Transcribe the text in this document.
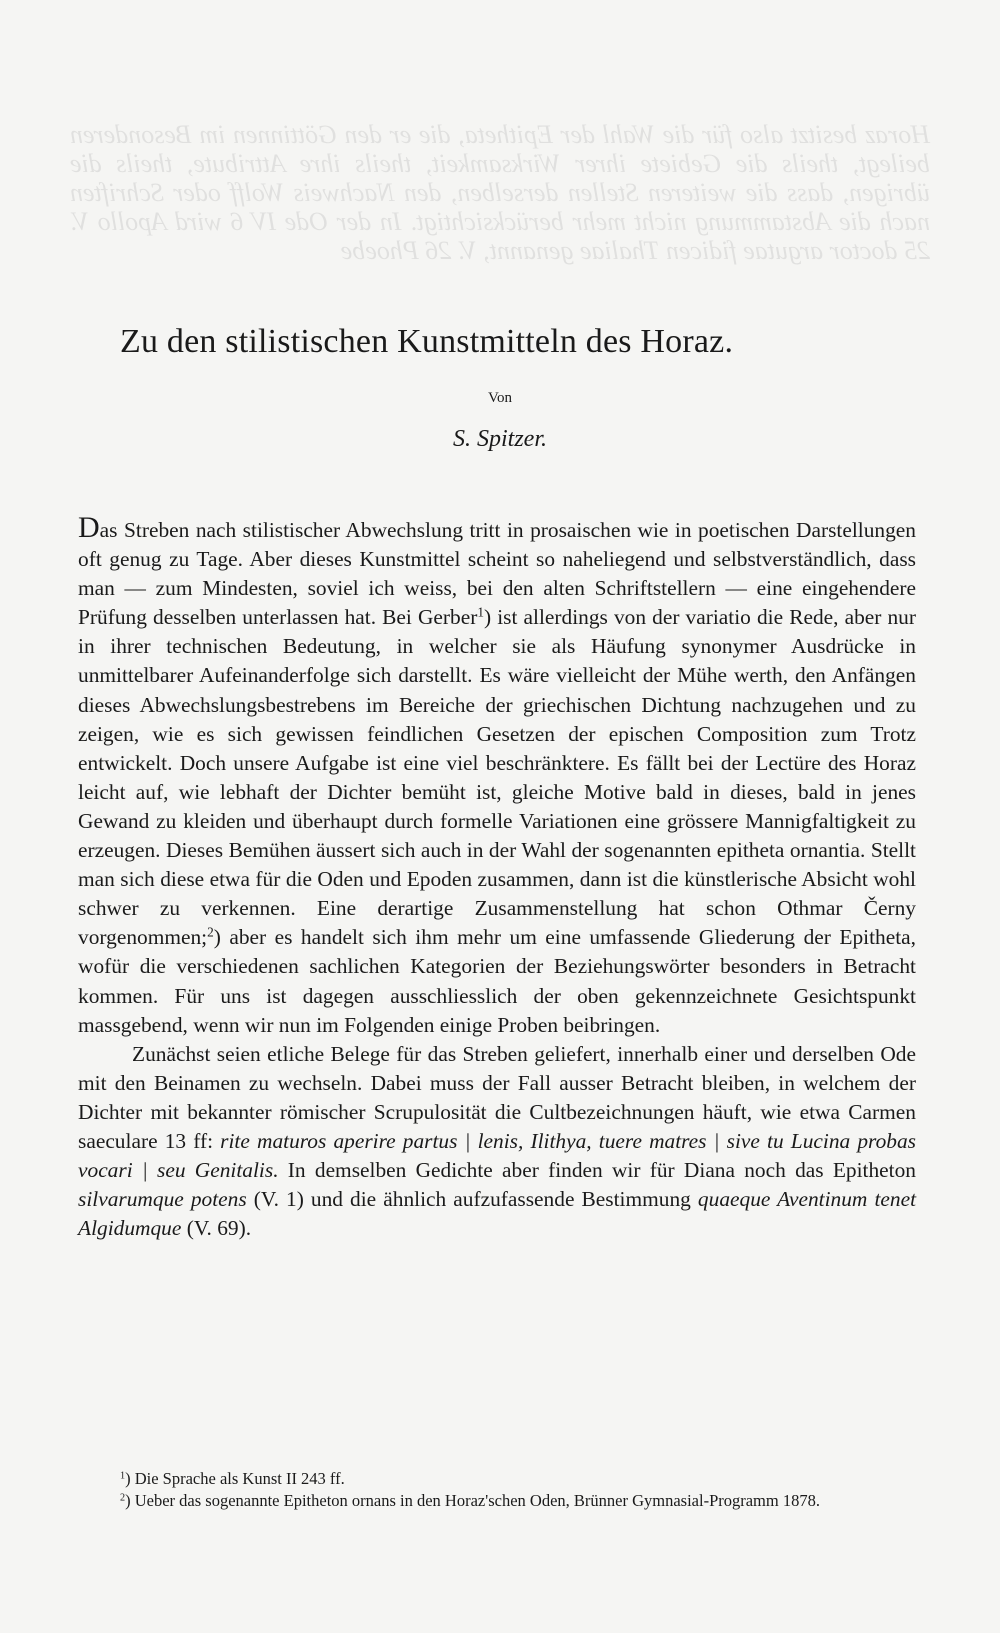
Horaz besitzt also für die Wahl der Epitheta, die er den Göttinnen im Besonderen beilegt, theils die Gebiete ihrer Wirksamkeit, theils ihre Attribute, theils die übrigen, dass die weiteren Stellen derselben, den Nachweis Wolff oder Schriften nach die Abstammung nicht mehr berücksichtigt. In der Ode IV 6 wird Apollo V. 25 doctor argutae fidicen Thaliae genannt, V. 26 Phoebe
Zu den stilistischen Kunstmitteln des Horaz.
Von
S. Spitzer.

Das Streben nach stilistischer Abwechslung tritt in prosaischen wie in poetischen Darstellungen oft genug zu Tage. Aber dieses Kunstmittel scheint so naheliegend und selbstverständlich, dass man — zum Mindesten, soviel ich weiss, bei den alten Schriftstellern — eine eingehendere Prüfung desselben unterlassen hat. Bei Gerber$^1$) ist allerdings von der variatio die Rede, aber nur in ihrer technischen Bedeutung, in welcher sie als Häufung synonymer Ausdrücke in unmittelbarer Aufeinanderfolge sich darstellt. Es wäre vielleicht der Mühe werth, den Anfängen dieses Abwechslungsbestrebens im Bereiche der griechischen Dichtung nachzugehen und zu zeigen, wie es sich gewissen feindlichen Gesetzen der epischen Composition zum Trotz entwickelt. Doch unsere Aufgabe ist eine viel beschränktere. Es fällt bei der Lectüre des Horaz leicht auf, wie lebhaft der Dichter bemüht ist, gleiche Motive bald in dieses, bald in jenes Gewand zu kleiden und überhaupt durch formelle Variationen eine grössere Mannigfaltigkeit zu erzeugen. Dieses Bemühen äussert sich auch in der Wahl der sogenannten epitheta ornantia. Stellt man sich diese etwa für die Oden und Epoden zusammen, dann ist die künstlerische Absicht wohl schwer zu verkennen. Eine derartige Zusammenstellung hat schon Othmar Černy vorgenommen;$^2$) aber es handelt sich ihm mehr um eine umfassende Gliederung der Epitheta, wofür die verschiedenen sachlichen Kategorien der Beziehungswörter besonders in Betracht kommen. Für uns ist dagegen ausschliesslich der oben gekennzeichnete Gesichtspunkt massgebend, wenn wir nun im Folgenden einige Proben beibringen.

Zunächst seien etliche Belege für das Streben geliefert, innerhalb einer und derselben Ode mit den Beinamen zu wechseln. Dabei muss der Fall ausser Betracht bleiben, in welchem der Dichter mit bekannter römischer Scrupulosität die Cultbezeichnungen häuft, wie etwa Carmen saeculare 13 ff: rite maturos aperire partus | lenis, Ilithya, tuere matres | sive tu Lucina probas vocari | seu Genitalis. In demselben Gedichte aber finden wir für Diana noch das Epitheton silvarumque potens (V. 1) und die ähnlich aufzufassende Bestimmung quaeque Aventinum tenet Algidumque (V. 69).

$^1$) Die Sprache als Kunst II 243 ff.

$^2$) Ueber das sogenannte Epitheton ornans in den Horaz'schen Oden, Brünner Gymnasial-Programm 1878.
